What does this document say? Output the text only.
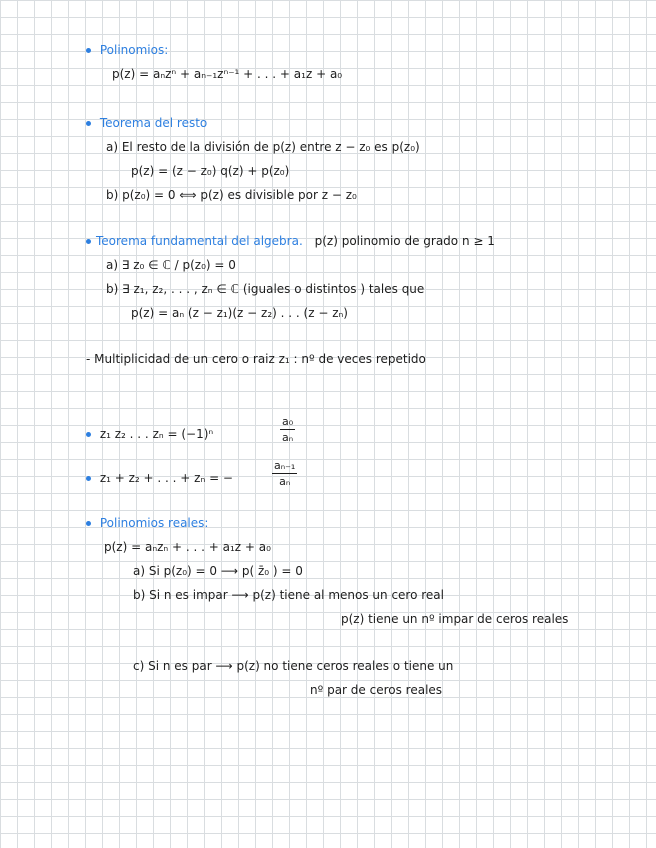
Polinomios:
p(z) = aₙzⁿ + aₙ₋₁zⁿ⁻¹ + . . . + a₁z + a₀
Teorema del resto
a) El resto de la división de p(z) entre z − z₀ es p(z₀)
p(z) = (z − z₀) q(z) + p(z₀)
b) p(z₀) = 0 ⟺ p(z) es divisible por z − z₀
Teorema fundamental del algebra. p(z) polinomio de grado n ≥ 1
a) ∃ z₀ ∈ ℂ / p(z₀) = 0
b) ∃ z₁, z₂, . . . , zₙ ∈ ℂ (iguales o distintos ) tales que
p(z) = aₙ (z − z₁)(z − z₂) . . . (z − zₙ)
- Multiplicidad de un cero o raiz z₁ : nº de veces repetido
z₁ z₂ . . . zₙ = (−1)ⁿ	$\frac{\text{a₀}}{\text{aₙ}}$
z₁ + z₂ + . . . + zₙ = −	$\frac{\text{aₙ₋₁}}{\text{aₙ}}$
Polinomios reales:
p(z) = aₙzₙ + . . . + a₁z + a₀
a) Si p(z₀) = 0 ⟶ p( z̄₀ ) = 0
b) Si n es impar ⟶ p(z) tiene al menos un cero real
p(z) tiene un nº impar de ceros reales
c) Si n es par ⟶ p(z) no tiene ceros reales o tiene un
nº par de ceros reales
